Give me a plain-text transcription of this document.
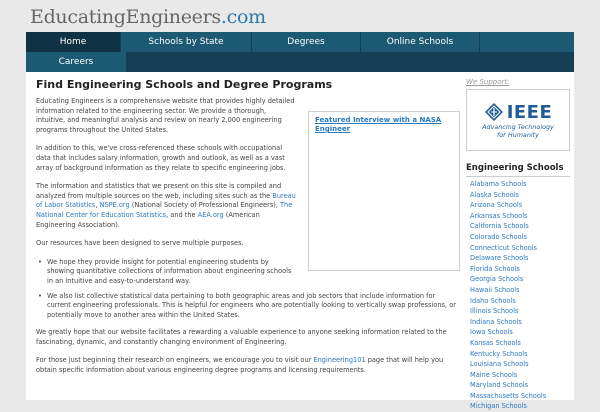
EducatingEngineers.com
Home	Schools by State	Degrees	Online Schools
Careers
Find Engineering Schools and Degree Programs
Featured Interview with a NASA Engineer

Educating Engineers is a comprehensive website that provides highly detailed information related to the engineering sector. We provide a thorough, intuitive, and meaningful analysis and review on nearly 2,000 engineering programs throughout the United States.

In addition to this, we've cross-referenced these schools with occupational data that includes salary information, growth and outlook, as well as a vast array of background information as they relate to specific engineering jobs.

The information and statistics that we present on this site is compiled and analyzed from multiple sources on the web, including sites such as the Bureau of Labor Statistics, NSPE.org (National Society of Professional Engineers), The National Center for Education Statistics, and the AEA.org (American Engineering Association).

Our resources have been designed to serve multiple purposes.

• We hope they provide insight for potential engineering students by showing quantitative collections of information about engineering schools in an intuitive and easy-to-understand way.
• We also list collective statistical data pertaining to both geographic areas and job sectors that include information for current engineering professionals. This is helpful for engineers who are potentially looking to vertically swap professions, or potentially move to another area within the United States.

We greatly hope that our website facilitates a rewarding a valuable experience to anyone seeking information related to the fascinating, dynamic, and constantly changing environment of Engineering.

For those just beginning their research on engineers, we encourage you to visit our Engineering101 page that will help you obtain specific information about various engineering degree programs and licensing requirements.

We Support:
IEEE
Advancing Technology
for Humanity
Engineering Schools
Alabama Schools
Alaska Schools
Arizona Schools
Arkansas Schools
California Schools
Colorado Schools
Connecticut Schools
Delaware Schools
Florida Schools
Georgia Schools
Hawaii Schools
Idaho Schools
Illinois Schools
Indiana Schools
Iowa Schools
Kansas Schools
Kentucky Schools
Louisiana Schools
Maine Schools
Maryland Schools
Massachusetts Schools
Michigan Schools
